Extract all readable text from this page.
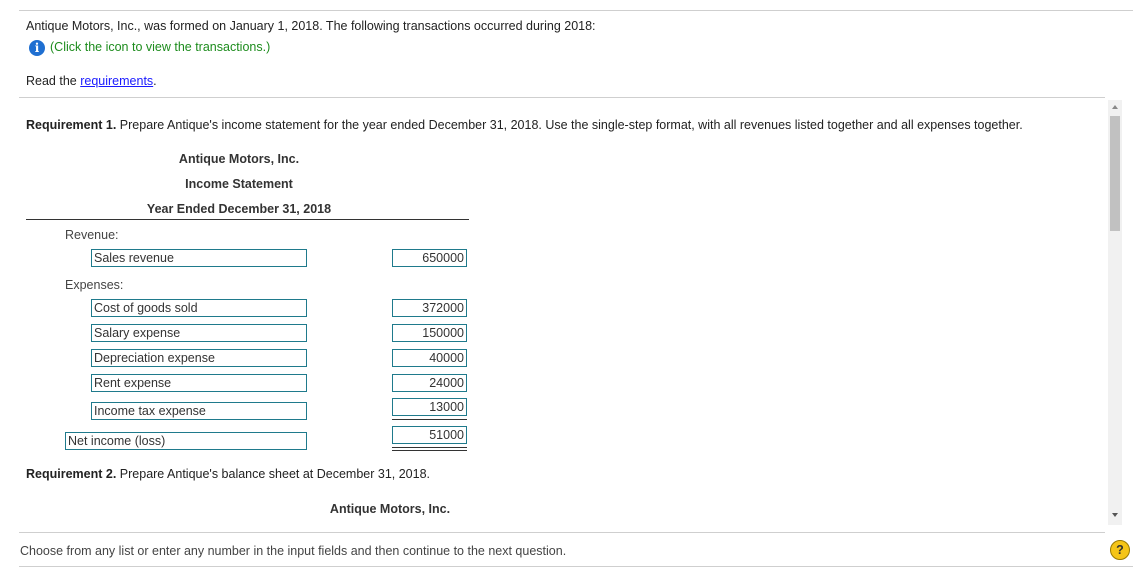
Antique Motors, Inc., was formed on January 1, 2018. The following transactions occurred during 2018:
i (Click the icon to view the transactions.)
Read the requirements.
Requirement 1. Prepare Antique's income statement for the year ended December 31, 2018. Use the single-step format, with all revenues listed together and all expenses together.
Antique Motors, Inc.
Income Statement
Year Ended December 31, 2018
Revenue:
Sales revenue	650000
Expenses:
Cost of goods sold	372000
Salary expense	150000
Depreciation expense	40000
Rent expense	24000
Income tax expense	13000
Net income (loss)	51000
Requirement 2. Prepare Antique's balance sheet at December 31, 2018.
Antique Motors, Inc.
Choose from any list or enter any number in the input fields and then continue to the next question.	?
